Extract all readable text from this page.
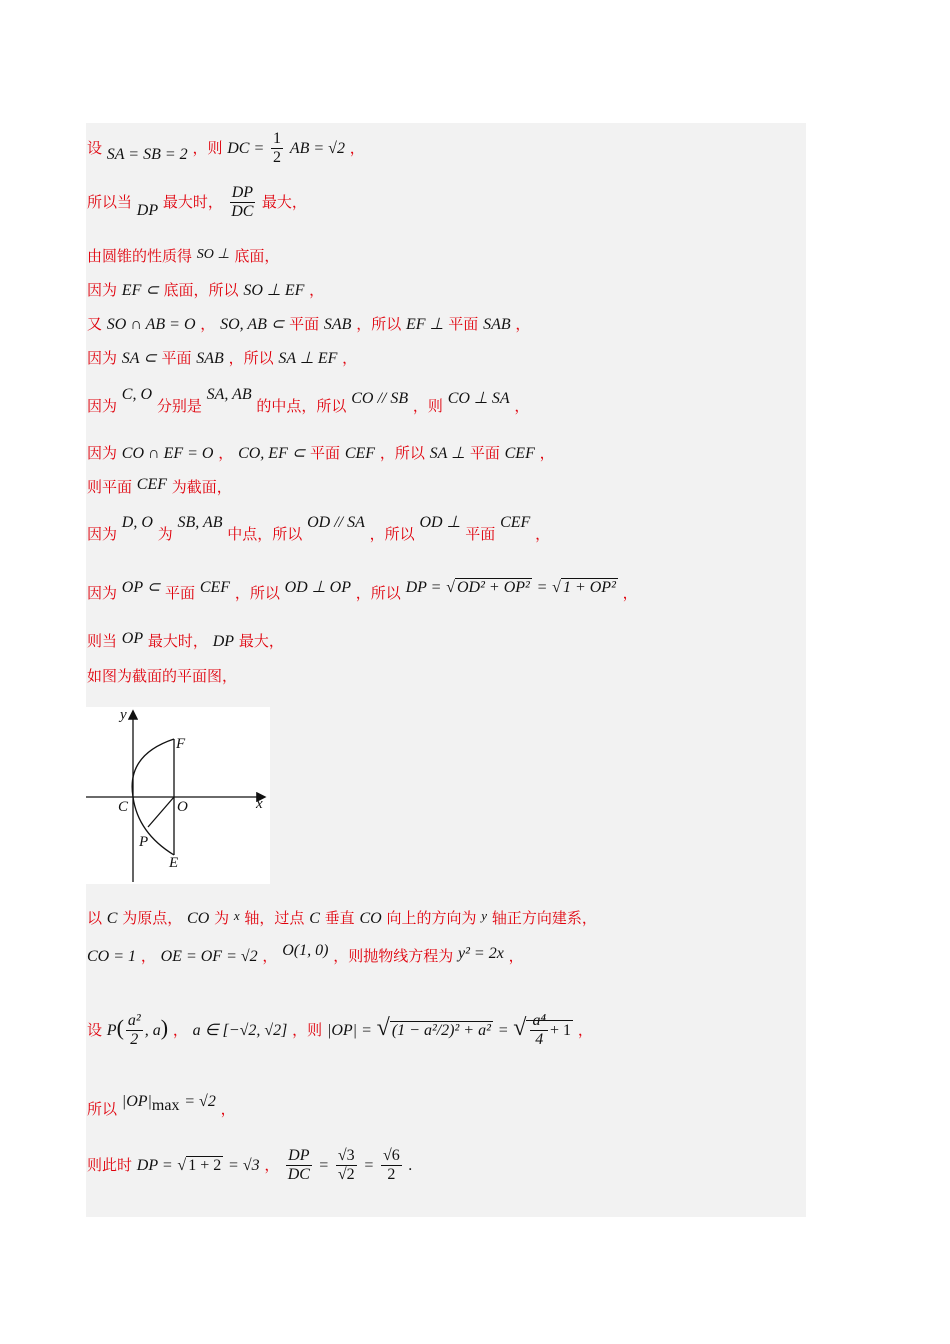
设 SA = SB = 2 ，则 DC = $\frac{1}{2}$ AB = √2 ，
所以当 DP 最大时， $\frac{DP}{DC}$ 最大，
由圆锥的性质得 SO ⊥ 底面，
因为 EF ⊂ 底面，所以 SO ⊥ EF ，
又 SO ∩ AB = O ， SO, AB ⊂ 平面 SAB ，所以 EF ⊥ 平面 SAB ，
因为 SA ⊂ 平面 SAB ，所以 SA ⊥ EF ，
因为 C, O 分别是 SA, AB 的中点，所以 CO // SB ，则 CO ⊥ SA ，
因为 CO ∩ EF = O ， CO, EF ⊂ 平面 CEF ，所以 SA ⊥ 平面 CEF ，
则平面 CEF 为截面，
因为 D, O 为 SB, AB 中点，所以 OD // SA ，所以 OD ⊥ 平面 CEF ，
因为 OP ⊂ 平面 CEF ，所以 OD ⊥ OP ，所以 DP = √ OD² + OP² = √ 1 + OP² ，
则当 OP 最大时， DP 最大，
如图为截面的平面图，
y
x
F
C	O
P
E
以 C 为原点， CO 为 x 轴，过点 C 垂直 CO 向上的方向为 y 轴正方向建系，
CO = 1 ， OE = OF = √2 ， O(1, 0) ，则抛物线方程为 y² = 2x ，
设 $P( \frac{\text{a²}}{2}$ , a) ， a ∈ [−√2, √2] ，则 |OP| = √ (1 − a²/2)² + a² = √ $\frac{\text{a⁴}}{4} + 1$ ，
所以 $|OP|_{max} = √2$ ，
则此时 DP = √ 1 + 2 = √3 ， $\frac{DP}{DC} = \frac{√3}{√2} = \frac{√6}{2}$ .
